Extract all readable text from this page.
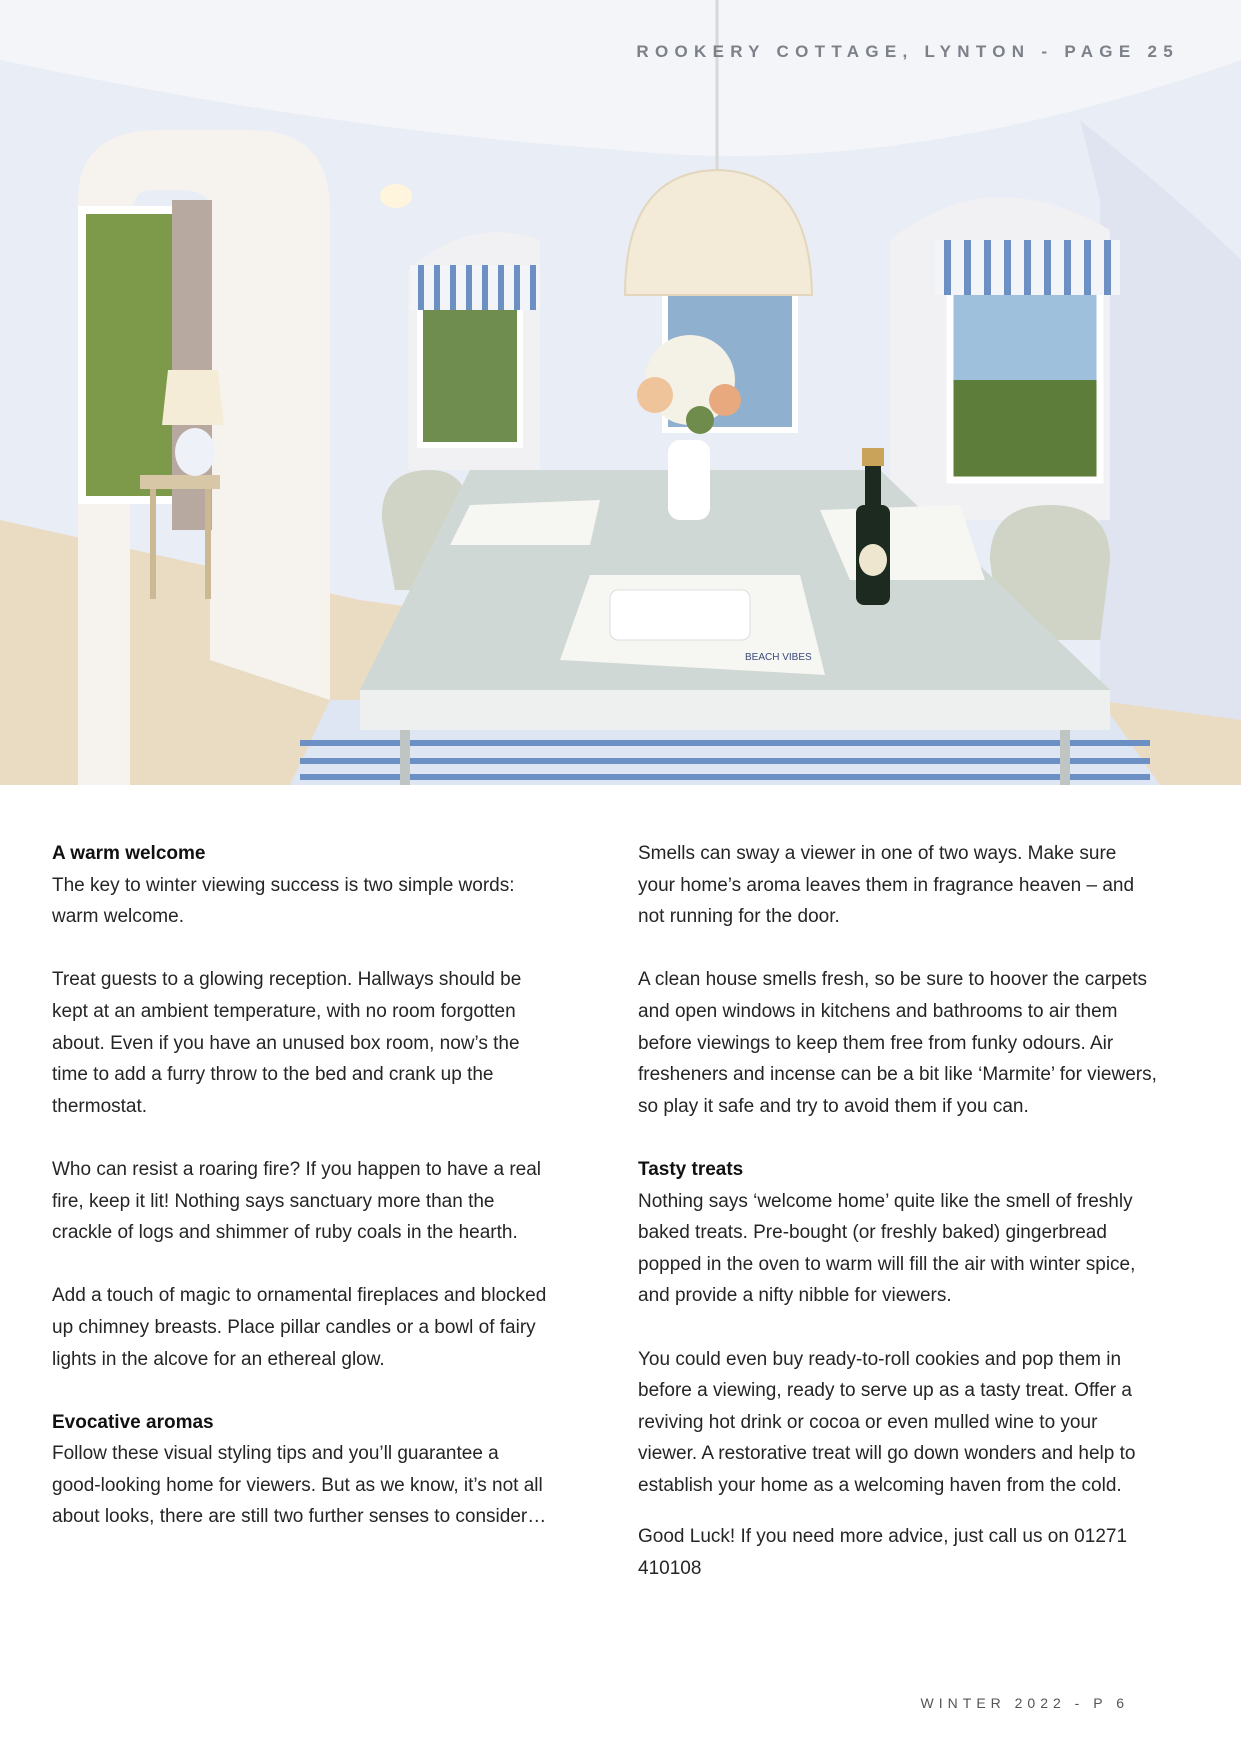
BEACH VIBES
ROOKERY COTTAGE, LYNTON - PAGE 25
A warm welcome

The key to winter viewing success is two simple words: warm welcome.

Treat guests to a glowing reception. Hallways should be kept at an ambient temperature, with no room forgotten about. Even if you have an unused box room, now’s the time to add a furry throw to the bed and crank up the thermostat.

Who can resist a roaring fire? If you happen to have a real fire, keep it lit! Nothing says sanctuary more than the crackle of logs and shimmer of ruby coals in the hearth.

Add a touch of magic to ornamental fireplaces and blocked up chimney breasts. Place pillar candles or a bowl of fairy lights in the alcove for an ethereal glow.

Evocative aromas

Follow these visual styling tips and you’ll guarantee a good-looking home for viewers. But as we know, it’s not all about looks, there are still two further senses to consider…

Smells can sway a viewer in one of two ways. Make sure your home’s aroma leaves them in fragrance heaven – and not running for the door.

A clean house smells fresh, so be sure to hoover the carpets and open windows in kitchens and bathrooms to air them before viewings to keep them free from funky odours. Air fresheners and incense can be a bit like ‘Marmite’ for viewers, so play it safe and try to avoid them if you can.

Tasty treats

Nothing says ‘welcome home’ quite like the smell of freshly baked treats. Pre-bought (or freshly baked) gingerbread popped in the oven to warm will fill the air with winter spice, and provide a nifty nibble for viewers.

You could even buy ready-to-roll cookies and pop them in before a viewing, ready to serve up as a tasty treat. Offer a reviving hot drink or cocoa or even mulled wine to your viewer. A restorative treat will go down wonders and help to establish your home as a welcoming haven from the cold.

Good Luck! If you need more advice, just call us on 01271 410108

WINTER 2022 - P 6
